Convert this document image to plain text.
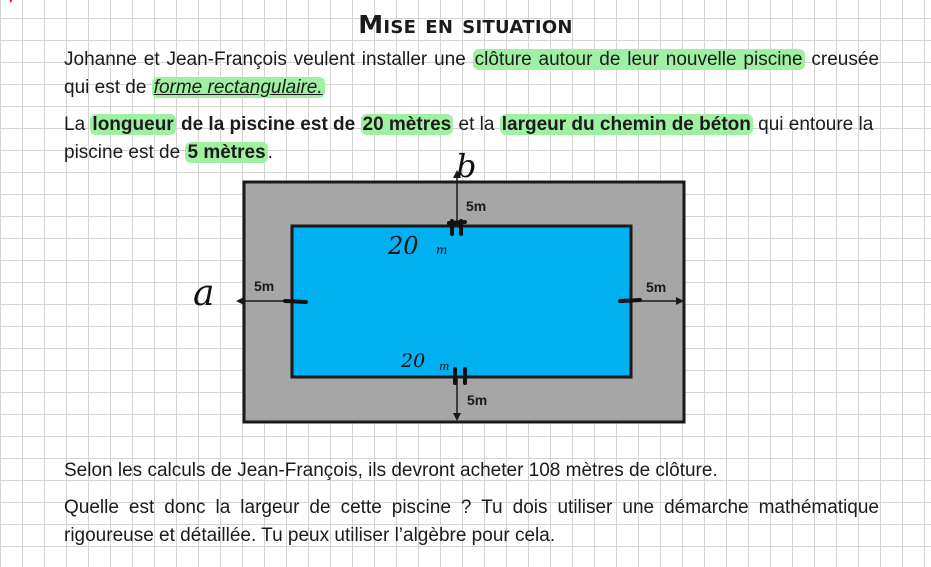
Mise en situation
Johanne et Jean-François veulent installer une clôture autour de leur nouvelle piscine creusée qui est de forme rectangulaire.
La longueur de la piscine est de 20 mètres et la largeur du chemin de béton qui entoure la piscine est de 5 mètres .
5m
5m
5m	5m
b
a
20 m
20 m
Selon les calculs de Jean-François, ils devront acheter 108 mètres de clôture.
Quelle est donc la largeur de cette piscine ? Tu dois utiliser une démarche mathématique rigoureuse et détaillée. Tu peux utiliser l’algèbre pour cela.
